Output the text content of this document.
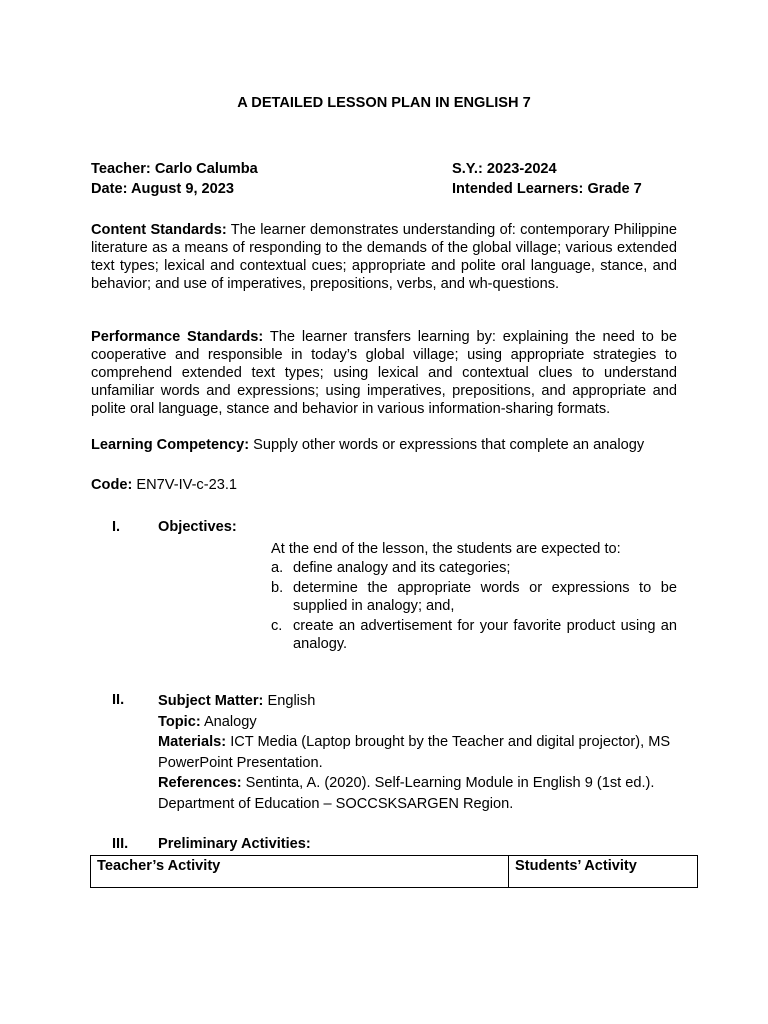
A DETAILED LESSON PLAN IN ENGLISH 7
Teacher: Carlo Calumba	S.Y.: 2023-2024
Date: August 9, 2023	Intended Learners: Grade 7
Content Standards: The learner demonstrates understanding of: contemporary Philippine literature as a means of responding to the demands of the global village; various extended text types; lexical and contextual cues; appropriate and polite oral language, stance, and behavior; and use of imperatives, prepositions, verbs, and wh-questions.
Performance Standards: The learner transfers learning by: explaining the need to be cooperative and responsible in today’s global village; using appropriate strategies to comprehend extended text types; using lexical and contextual clues to understand unfamiliar words and expressions; using imperatives, prepositions, and appropriate and polite oral language, stance and behavior in various information-sharing formats.
Learning Competency: Supply other words or expressions that complete an analogy
Code: EN7V-IV-c-23.1
I.	Objectives:
At the end of the lesson, the students are expected to:
a. define analogy and its categories;
b. determine the appropriate words or expressions to be supplied in analogy; and,
c. create an advertisement for your favorite product using an analogy.
II. Subject Matter: English
Topic: Analogy
Materials: ICT Media (Laptop brought by the Teacher and digital projector), MS PowerPoint Presentation.
References: Sentinta, A. (2020). Self-Learning Module in English 9 (1st ed.). Department of Education – SOCCSKSARGEN Region.
III. Preliminary Activities:
Teacher’s Activity	Students’ Activity
